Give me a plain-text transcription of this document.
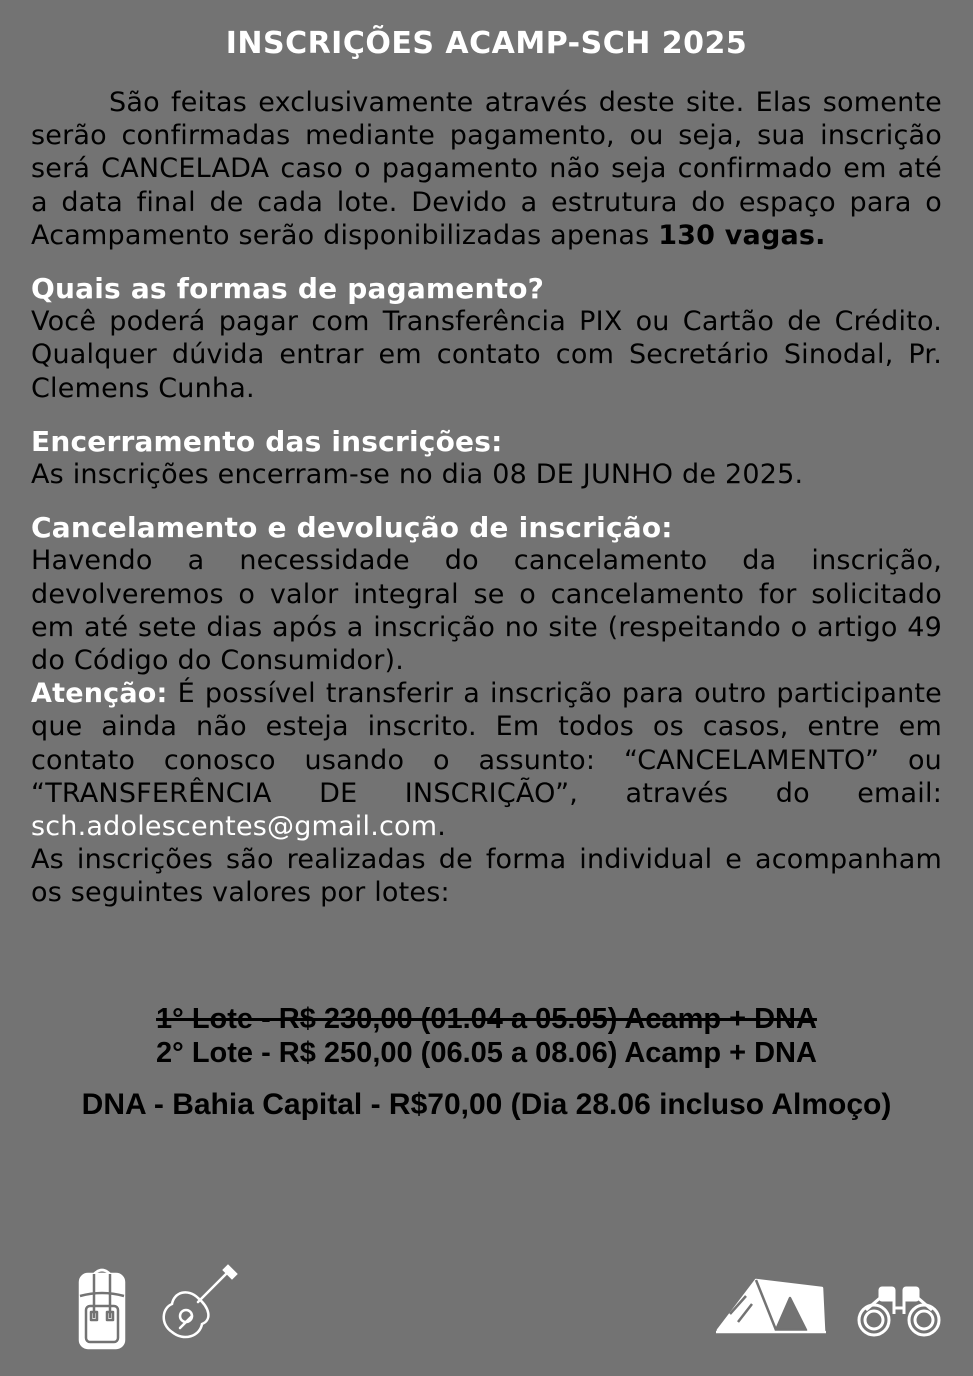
INSCRIÇÕES ACAMP-SCH 2025

São feitas exclusivamente através deste site. Elas somente serão confirmadas mediante pagamento, ou seja, sua inscrição será CANCELADA caso o pagamento não seja confirmado em até a data final de cada lote. Devido a estrutura do espaço para o Acampamento serão disponibilizadas apenas 130 vagas.

Quais as formas de pagamento?

Você poderá pagar com Transferência PIX ou Cartão de Crédito. Qualquer dúvida entrar em contato com Secretário Sinodal, Pr. Clemens Cunha.

Encerramento das inscrições:

As inscrições encerram-se no dia 08 DE JUNHO de 2025.

Cancelamento e devolução de inscrição:

Havendo a necessidade do cancelamento da inscrição, devolveremos o valor integral se o cancelamento for solicitado em até sete dias após a inscrição no site (respeitando o artigo 49 do Código do Consumidor).

Atenção: É possível transferir a inscrição para outro participante que ainda não esteja inscrito. Em todos os casos, entre em contato conosco usando o assunto: “CANCELAMENTO” ou “TRANSFERÊNCIA DE INSCRIÇÃO”, através do email: sch.adolescentes@gmail.com.

As inscrições são realizadas de forma individual e acompanham os seguintes valores por lotes:

1° Lote - R$ 230,00 (01.04 a 05.05) Acamp + DNA
2° Lote - R$ 250,00 (06.05 a 08.06) Acamp + DNA
DNA - Bahia Capital - R$70,00 (Dia 28.06 incluso Almoço)
